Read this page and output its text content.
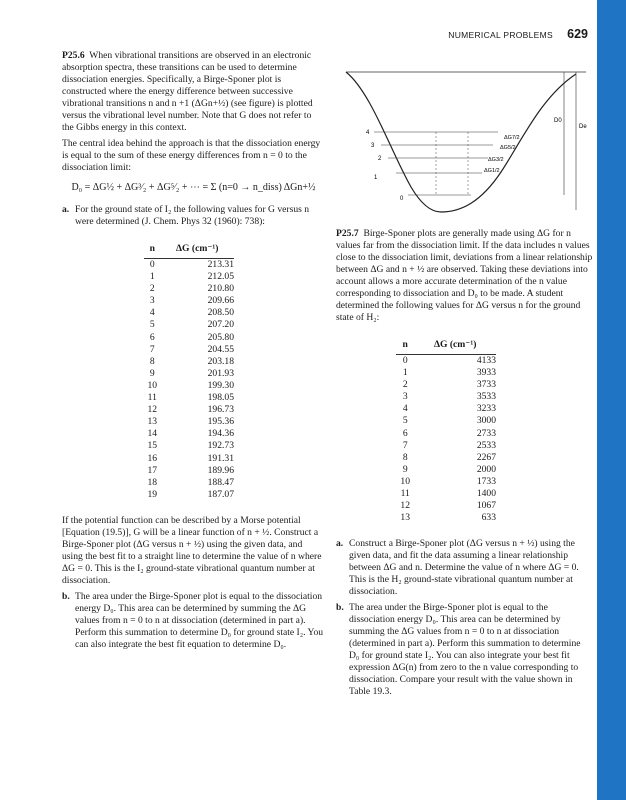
NUMERICAL PROBLEMS 629

P25.6 When vibrational transitions are observed in an electronic absorption spectra, these transitions can be used to determine dissociation energies. Specifically, a Birge-Sponer plot is constructed where the energy difference between successive vibrational transitions n and n +1 (ΔGn+½) (see figure) is plotted versus the vibrational level number. Note that G does not refer to the Gibbs energy in this context.

The central idea behind the approach is that the dissociation energy is equal to the sum of these energy differences from n = 0 to the dissociation limit:

D₀ = ΔG½ + ΔG³⁄₂ + ΔG⁵⁄₂ + ⋯ = Σ (n=0 → n_diss) ΔGn+½
a. For the ground state of I₂ the following values for G versus n were determined (J. Chem. Phys 32 (1960): 738):
n	ΔG (cm⁻¹)
0	213.31
1	212.05
2	210.80
3	209.66
4	208.50
5	207.20
6	205.80
7	204.55
8	203.18
9	201.93
10	199.30
11	198.05
12	196.73
13	195.36
14	194.36
15	192.73
16	191.31
17	189.96
18	188.47
19	187.07

If the potential function can be described by a Morse potential [Equation (19.5)], G will be a linear function of n + ½. Construct a Birge-Sponer plot (ΔG versus n + ½) using the given data, and using the best fit to a straight line to determine the value of n where ΔG = 0. This is the I₂ ground-state vibrational quantum number at dissociation.

b. The area under the Birge-Sponer plot is equal to the dissociation energy D₀. This area can be determined by summing the ΔG values from n = 0 to n at dissociation (determined in part a). Perform this summation to determine D₀ for ground state I₂. You can also integrate the best fit equation to determine D₀.
4
3
2
1
0
ΔG7/2
ΔG5/2
ΔG3/2
ΔG1/2
D0
De

P25.7 Birge-Sponer plots are generally made using ΔG for n values far from the dissociation limit. If the data includes n values close to the dissociation limit, deviations from a linear relationship between ΔG and n + ½ are observed. Taking these deviations into account allows a more accurate determination of the n value corresponding to dissociation and D₀ to be made. A student determined the following values for ΔG versus n for the ground state of H₂:

n	ΔG (cm⁻¹)
0	4133
1	3933
2	3733
3	3533
4	3233
5	3000
6	2733
7	2533
8	2267
9	2000
10	1733
11	1400
12	1067
13	633
a. Construct a Birge-Sponer plot (ΔG versus n + ½) using the given data, and fit the data assuming a linear relationship between ΔG and n. Determine the value of n where ΔG = 0. This is the H₂ ground-state vibrational quantum number at dissociation.
b. The area under the Birge-Sponer plot is equal to the dissociation energy D₀. This area can be determined by summing the ΔG values from n = 0 to n at dissociation (determined in part a). Perform this summation to determine D₀ for ground state I₂. You can also integrate your best fit expression ΔG(n) from zero to the n value corresponding to dissociation. Compare your result with the value shown in Table 19.3.
